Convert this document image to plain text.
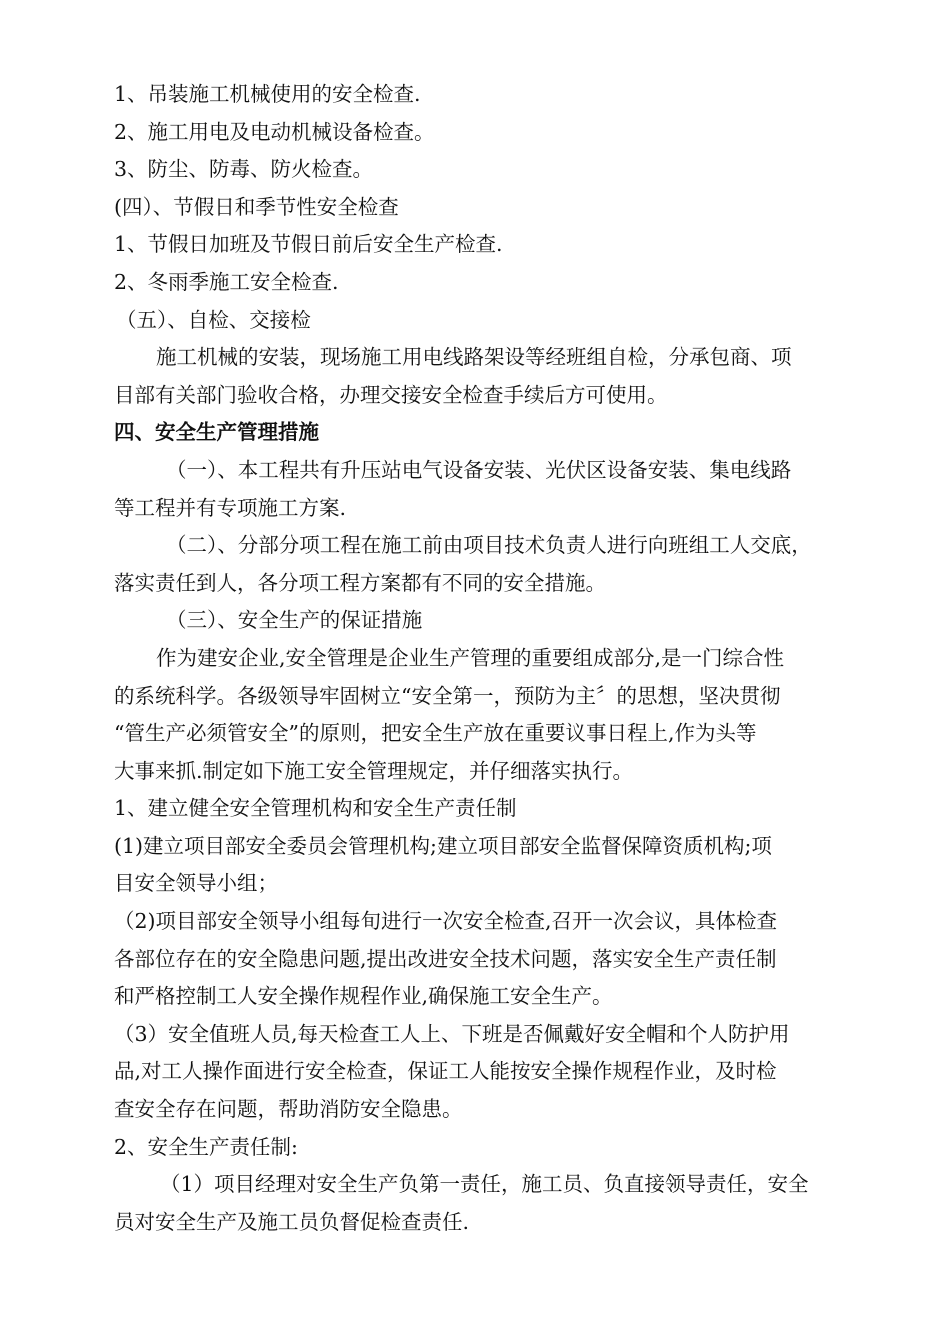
1、吊装施工机械使用的安全检查.
2、施工用电及电动机械设备检查。
3、防尘、防毒、防火检查。
(四）、节假日和季节性安全检查
1、节假日加班及节假日前后安全生产检查.
2、冬雨季施工安全检查.
（五）、自检、交接检
施工机械的安装，现场施工用电线路架设等经班组自检，分承包商、项
目部有关部门验收合格，办理交接安全检查手续后方可使用。
四、安全生产管理措施
（一）、本工程共有升压站电气设备安装、光伏区设备安装、集电线路
等工程并有专项施工方案.
（二）、分部分项工程在施工前由项目技术负责人进行向班组工人交底，
落实责任到人，各分项工程方案都有不同的安全措施。
（三）、安全生产的保证措施
作为建安企业,安全管理是企业生产管理的重要组成部分,是一门综合性
的系统科学。各级领导牢固树立“安全第一，预防为主〞的思想，坚决贯彻
“管生产必须管安全”的原则，把安全生产放在重要议事日程上,作为头等
大事来抓.制定如下施工安全管理规定，并仔细落实执行。
1、建立健全安全管理机构和安全生产责任制
(1)建立项目部安全委员会管理机构;建立项目部安全监督保障资质机构;项
目安全领导小组；
（2)项目部安全领导小组每旬进行一次安全检查,召开一次会议，具体检查
各部位存在的安全隐患问题,提出改进安全技术问题，落实安全生产责任制
和严格控制工人安全操作规程作业,确保施工安全生产。
（3）安全值班人员,每天检查工人上、下班是否佩戴好安全帽和个人防护用
品,对工人操作面进行安全检查，保证工人能按安全操作规程作业，及时检
查安全存在问题，帮助消防安全隐患。
2、安全生产责任制:
（1）项目经理对安全生产负第一责任，施工员、负直接领导责任，安全
员对安全生产及施工员负督促检查责任.
